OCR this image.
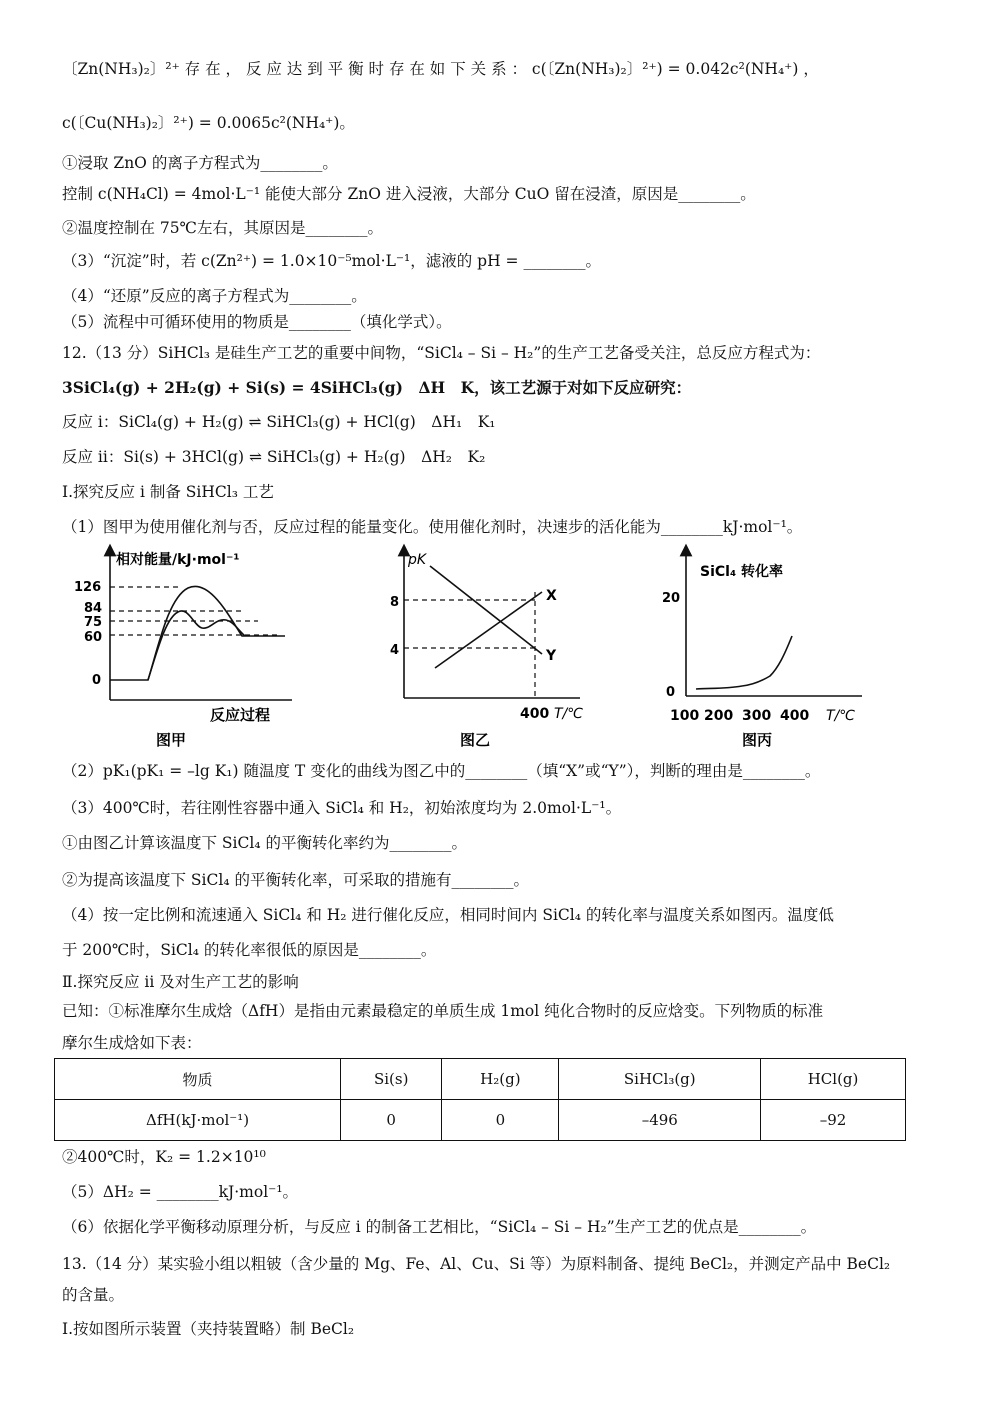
〔Zn(NH₃)₂〕²⁺ 存 在 ， 反 应 达 到 平 衡 时 存 在 如 下 关 系 ： c(〔Zn(NH₃)₂〕²⁺) = 0.042c²(NH₄⁺) ，
c(〔Cu(NH₃)₂〕²⁺) = 0.0065c²(NH₄⁺)。
①浸取 ZnO 的离子方程式为________。
控制 c(NH₄Cl) = 4mol·L⁻¹ 能使大部分 ZnO 进入浸液，大部分 CuO 留在浸渣，原因是________。
②温度控制在 75℃左右，其原因是________。
（3）“沉淀”时，若 c(Zn²⁺) = 1.0×10⁻⁵mol·L⁻¹，滤液的 pH = ________。
（4）“还原”反应的离子方程式为________。
（5）流程中可循环使用的物质是________（填化学式）。
12.（13 分）SiHCl₃ 是硅生产工艺的重要中间物，“SiCl₄ – Si – H₂”的生产工艺备受关注，总反应方程式为：
3SiCl₄(g) + 2H₂(g) + Si(s) = 4SiHCl₃(g)　ΔH　K，该工艺源于对如下反应研究：
反应 i：SiCl₄(g) + H₂(g) ⇌ SiHCl₃(g) + HCl(g)　ΔH₁　K₁
反应 ii：Si(s) + 3HCl(g) ⇌ SiHCl₃(g) + H₂(g)　ΔH₂　K₂
Ⅰ.探究反应 i 制备 SiHCl₃ 工艺
（1）图甲为使用催化剂与否，反应过程的能量变化。使用催化剂时，决速步的活化能为________kJ·mol⁻¹。
相对能量/kJ·mol⁻¹
126
84
75
60
0
反应过程
图甲
pK
8
4
X
Y
400 T/℃
图乙
SiCl₄ 转化率
20
0
100 200 300 400 T/℃
图丙
（2）pK₁(pK₁ = –lg K₁) 随温度 T 变化的曲线为图乙中的________（填“X”或“Y”），判断的理由是________。
（3）400℃时，若往刚性容器中通入 SiCl₄ 和 H₂，初始浓度均为 2.0mol·L⁻¹。
①由图乙计算该温度下 SiCl₄ 的平衡转化率约为________。
②为提高该温度下 SiCl₄ 的平衡转化率，可采取的措施有________。
（4）按一定比例和流速通入 SiCl₄ 和 H₂ 进行催化反应，相同时间内 SiCl₄ 的转化率与温度关系如图丙。温度低
于 200℃时，SiCl₄ 的转化率很低的原因是________。
Ⅱ.探究反应 ii 及对生产工艺的影响
已知：①标准摩尔生成焓（ΔfH）是指由元素最稳定的单质生成 1mol 纯化合物时的反应焓变。下列物质的标准
摩尔生成焓如下表：
物质	Si(s)	H₂(g)	SiHCl₃(g)	HCl(g)
ΔfH(kJ·mol⁻¹)	0	0	–496	–92
②400℃时，K₂ = 1.2×10¹⁰
（5）ΔH₂ = ________kJ·mol⁻¹。
（6）依据化学平衡移动原理分析，与反应 i 的制备工艺相比，“SiCl₄ – Si – H₂”生产工艺的优点是________。
13.（14 分）某实验小组以粗铍（含少量的 Mg、Fe、Al、Cu、Si 等）为原料制备、提纯 BeCl₂，并测定产品中 BeCl₂
的含量。
Ⅰ.按如图所示装置（夹持装置略）制 BeCl₂
